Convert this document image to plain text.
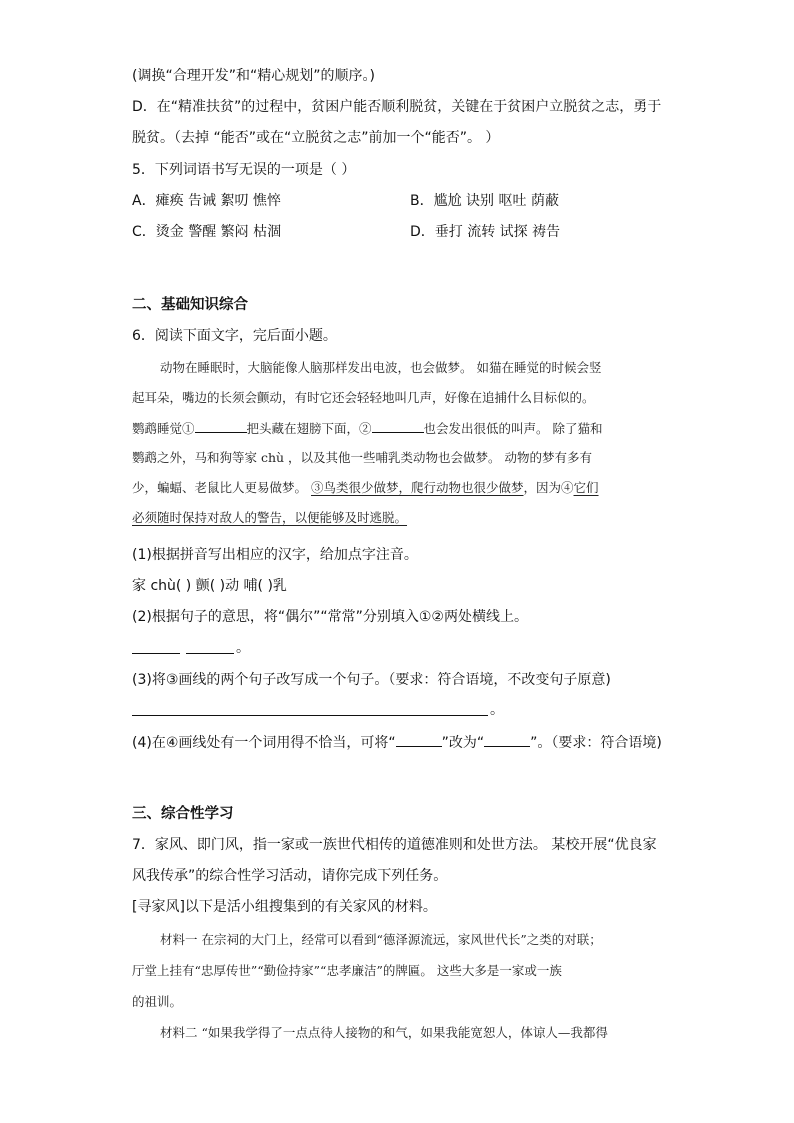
(调换“合理开发”和“精心规划”的顺序。)
D．在“精准扶贫”的过程中，贫困户能否顺利脱贫，关键在于贫困户立脱贫之志，勇于
脱贫。（去掉 “能否”或在“立脱贫之志”前加一个“能否”。 ）
5．下列词语书写无误的一项是（ ）
A．瘫痪 告诫 絮叨 憔悴	B．尴尬 诀别 呕吐 荫蔽
C．烫金 警醒 繁闷 枯涸	D．垂打 流转 试探 祷告
二、基础知识综合
6．阅读下面文字，完后面小题。
动物在睡眠时，大脑能像人脑那样发出电波，也会做梦。 如猫在睡觉的时候会竖
起耳朵，嘴边的长须会颤动，有时它还会轻轻地叫几声，好像在追捕什么目标似的。
鹦鹉睡觉①	把头藏在翅膀下面，②	也会发出很低的叫声。 除了猫和
鹦鹉之外，马和狗等家 chù ，以及其他一些哺乳类动物也会做梦。 动物的梦有多有
少，蝙蝠、老鼠比人更易做梦。 ③鸟类很少做梦，爬行动物也很少做梦，因为④它们
必须随时保持对敌人的警告，以便能够及时逃脱。
(1)根据拼音写出相应的汉字，给加点字注音。
家 chù( ) 颤( )动 哺( )乳
(2)根据句子的意思，将“偶尔”“常常”分别填入①②两处横线上。
。
(3)将③画线的两个句子改写成一个句子。（要求：符合语境，不改变句子原意)
。
(4)在④画线处有一个词用得不恰当，可将“	”改为“	”。（要求：符合语境)
三、综合性学习
7．家风、即门风，指一家或一族世代相传的道德准则和处世方法。 某校开展“优良家
风我传承”的综合性学习活动，请你完成下列任务。
[寻家风]以下是活小组搜集到的有关家风的材料。
材料一 在宗祠的大门上，经常可以看到“德泽源流远，家风世代长”之类的对联；
厅堂上挂有“忠厚传世”“勤俭持家”“忠孝廉洁”的牌匾。 这些大多是一家或一族
的祖训。
材料二 “如果我学得了一点点待人接物的和气，如果我能宽恕人，体谅人—我都得
